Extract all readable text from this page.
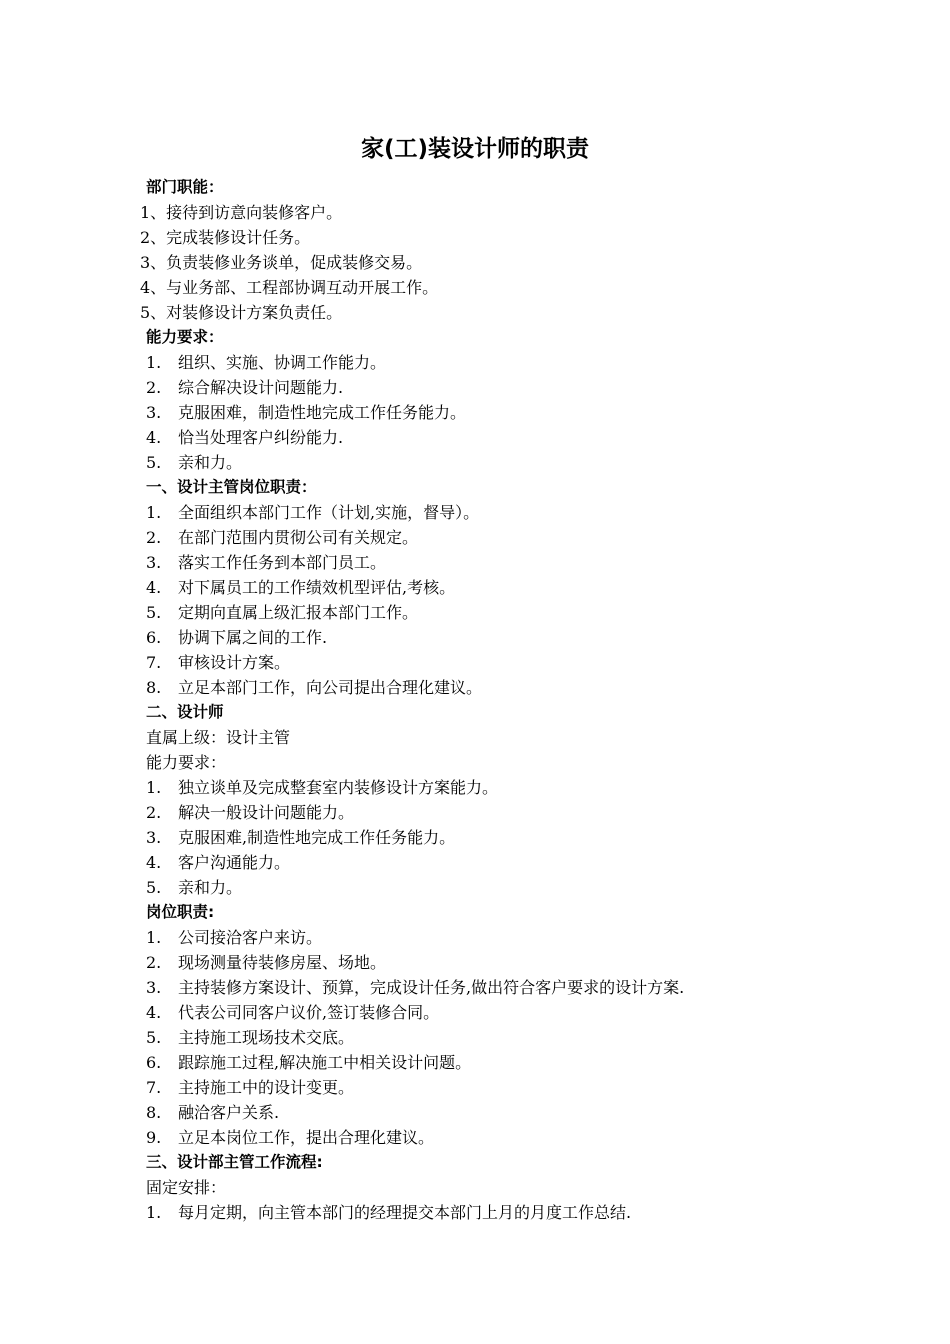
家(工)装设计师的职责
部门职能：
1、接待到访意向装修客户。
2、完成装修设计任务。
3、负责装修业务谈单，促成装修交易。
4、与业务部、工程部协调互动开展工作。
5、对装修设计方案负责任。
能力要求：
1. 组织、实施、协调工作能力。
2. 综合解决设计问题能力.
3. 克服困难，制造性地完成工作任务能力。
4. 恰当处理客户纠纷能力.
5. 亲和力。
一、设计主管岗位职责：
1. 全面组织本部门工作（计划,实施，督导）。
2. 在部门范围内贯彻公司有关规定。
3. 落实工作任务到本部门员工。
4. 对下属员工的工作绩效机型评估,考核。
5. 定期向直属上级汇报本部门工作。
6. 协调下属之间的工作.
7. 审核设计方案。
8. 立足本部门工作，向公司提出合理化建议。
二、设计师
直属上级：设计主管
能力要求：
1. 独立谈单及完成整套室内装修设计方案能力。
2. 解决一般设计问题能力。
3. 克服困难,制造性地完成工作任务能力。
4. 客户沟通能力。
5. 亲和力。
岗位职责:
1. 公司接洽客户来访。
2. 现场测量待装修房屋、场地。
3. 主持装修方案设计、预算，完成设计任务,做出符合客户要求的设计方案.
4. 代表公司同客户议价,签订装修合同。
5. 主持施工现场技术交底。
6. 跟踪施工过程,解决施工中相关设计问题。
7. 主持施工中的设计变更。
8. 融洽客户关系.
9. 立足本岗位工作，提出合理化建议。
三、设计部主管工作流程:
固定安排：
1. 每月定期，向主管本部门的经理提交本部门上月的月度工作总结.
